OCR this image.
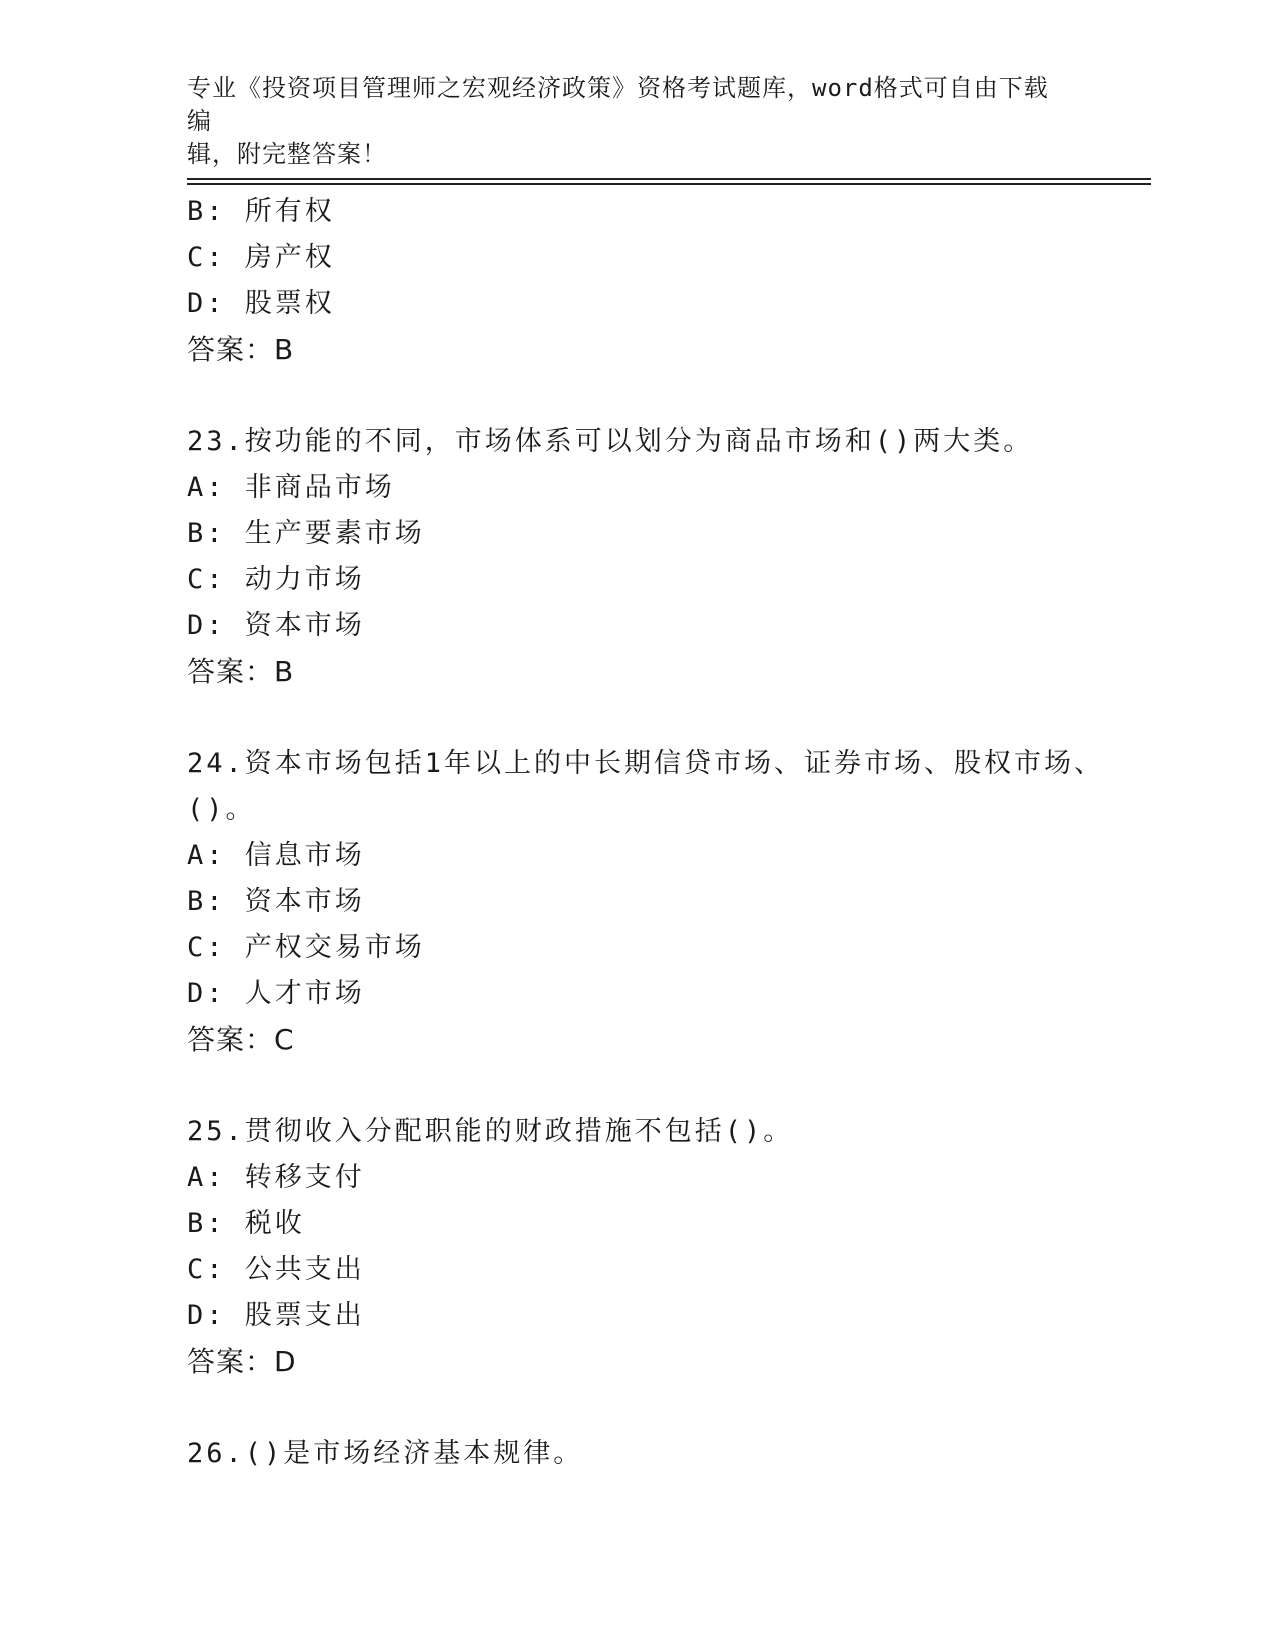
专业《投资项目管理师之宏观经济政策》资格考试题库，word格式可自由下载编
辑，附完整答案！
B: 所有权
C: 房产权
D: 股票权
答案：B
23.按功能的不同，市场体系可以划分为商品市场和()两大类。
A: 非商品市场
B: 生产要素市场
C: 动力市场
D: 资本市场
答案：B
24.资本市场包括1年以上的中长期信贷市场、证券市场、股权市场、
()。
A: 信息市场
B: 资本市场
C: 产权交易市场
D: 人才市场
答案：C
25.贯彻收入分配职能的财政措施不包括()。
A: 转移支付
B: 税收
C: 公共支出
D: 股票支出
答案：D
26.()是市场经济基本规律。
